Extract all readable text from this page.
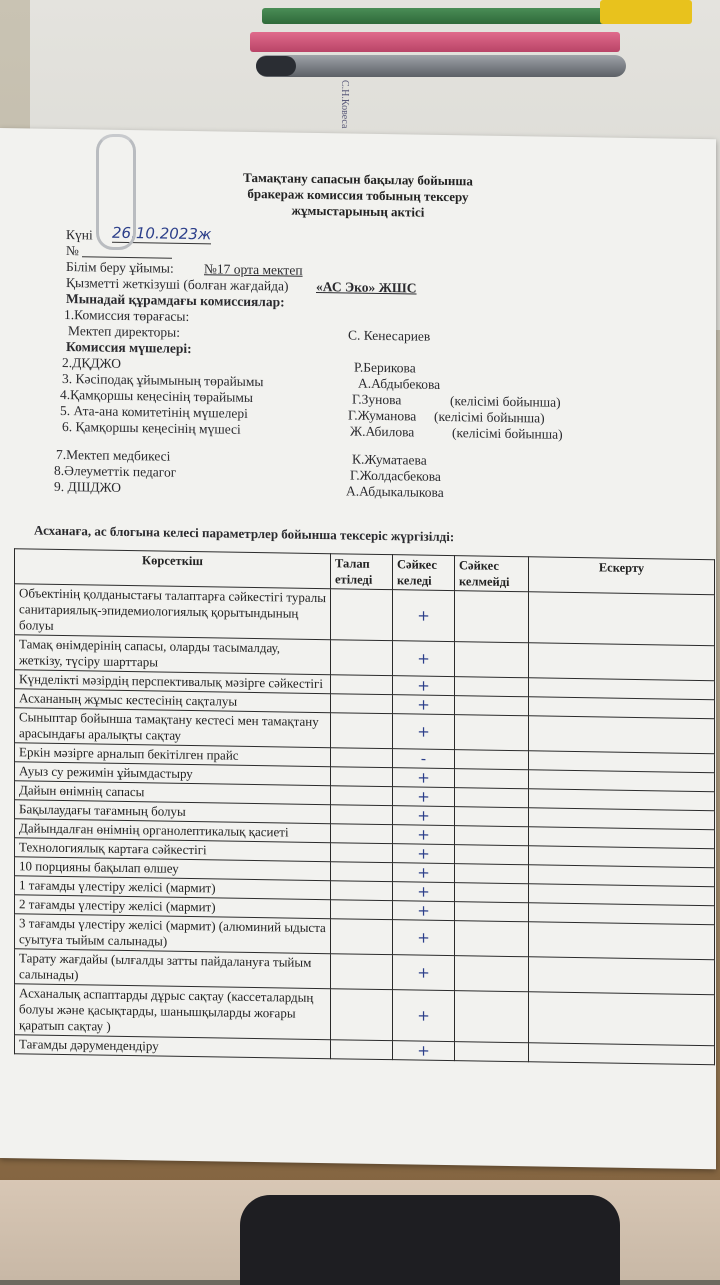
С.Н.Ковеса
Тамақтану сапасын бақылау бойынша
бракераж комиссия тобының тексеру
жұмыстарының актісі
Күні 26.10.2023ж
№
Білім беру ұйымы: №17 орта мектеп
Қызметті жеткізуші (болған жағдайда) «АС Эко» ЖШС
Мынадай құрамдағы комиссиялар:
1.Комиссия төрағасы:
Мектеп директоры:	С. Кенесариев
Комиссия мүшелері:
2.ДҚДЖО	Р.Берикова
3. Кәсіподақ ұйымының төрайымы	А.Абдыбекова
4.Қамқоршы кеңесінің төрайымы	Г.Зунова	(келісімі бойынша)
5. Ата-ана комитетінің мүшелері	Г.Жуманова (келісімі бойынша)
6. Қамқоршы кеңесінің мүшесі	Ж.Абилова	(келісімі бойынша)
7.Мектеп медбикесі	К.Жуматаева
8.Әлеуметтік педагог	Г.Жолдасбекова
9. ДШДЖО	А.Абдыкалыкова
Асханаға, ас блогына келесі параметрлер бойынша тексеріс жүргізілді:
Көрсеткіш	Талап етіледі	Сәйкес келеді	Сәйкес келмейді	Ескерту
Объектінің қолданыстағы талаптарға сәйкестігі туралы санитариялық-эпидемиологиялық қорытындының болуы		+		
Тамақ өнімдерінің сапасы, оларды тасымалдау, жеткізу, түсіру шарттары		+		
Күнделікті мәзірдің перспективалық мәзірге сәйкестігі		+		
Асхананың жұмыс кестесінің сақталуы		+		
Сыныптар бойынша тамақтану кестесі мен тамақтану арасындағы аралықты сақтау		+		
Еркін мәзірге арналып бекітілген прайс		-		
Ауыз су режимін ұйымдастыру		+		
Дайын өнімнің сапасы		+		
Бақылаудағы тағамның болуы		+		
Дайындалған өнімнің органолептикалық қасиеті		+		
Технологиялық картаға сәйкестігі		+		
10 порцияны бақылап өлшеу		+		
1 тағамды үлестіру желісі (мармит)		+		
2 тағамды үлестіру желісі (мармит)		+		
3 тағамды үлестіру желісі (мармит) (алюминий ыдыста суытуға тыйым салынады)		+		
Тарату жағдайы (ылғалды затты пайдалануға тыйым салынады)		+		
Асханалық аспаптарды дұрыс сақтау (кассеталардың болуы және қасықтарды, шанышқыларды жоғары қаратып сақтау )		+		
Тағамды дәрумендендіру		+		
